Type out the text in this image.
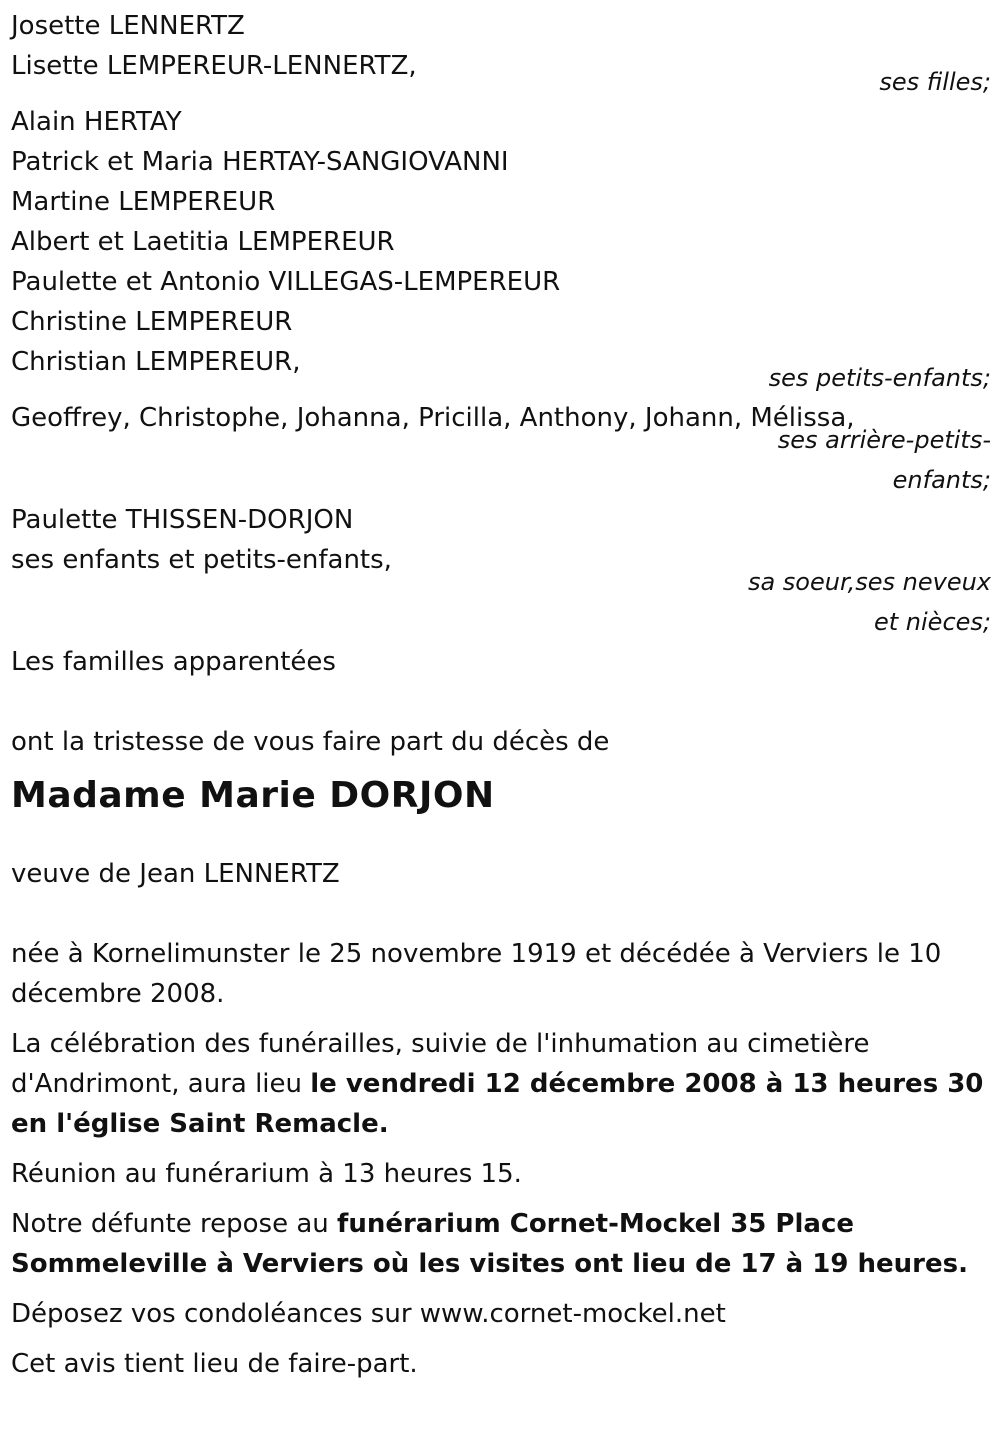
Josette LENNERTZ
Lisette LEMPEREUR-LENNERTZ,
ses filles;
Alain HERTAY
Patrick et Maria HERTAY-SANGIOVANNI
Martine LEMPEREUR
Albert et Laetitia LEMPEREUR
Paulette et Antonio VILLEGAS-LEMPEREUR
Christine LEMPEREUR
Christian LEMPEREUR,
ses petits-enfants;
Geoffrey, Christophe, Johanna, Pricilla, Anthony, Johann, Mélissa,
ses arrière-petits-
enfants;
Paulette THISSEN-DORJON
ses enfants et petits-enfants,
sa soeur,ses neveux
et nièces;
Les familles apparentées
ont la tristesse de vous faire part du décès de
Madame Marie DORJON
veuve de Jean LENNERTZ
née à Kornelimunster le 25 novembre 1919 et décédée à Verviers le 10 décembre 2008.
La célébration des funérailles, suivie de l'inhumation au cimetière d'Andrimont, aura lieu le vendredi 12 décembre 2008 à 13 heures 30 en l'église Saint Remacle.
Réunion au funérarium à 13 heures 15.
Notre défunte repose au funérarium Cornet-Mockel 35 Place Sommeleville à Verviers où les visites ont lieu de 17 à 19 heures.
Déposez vos condoléances sur www.cornet-mockel.net
Cet avis tient lieu de faire-part.
